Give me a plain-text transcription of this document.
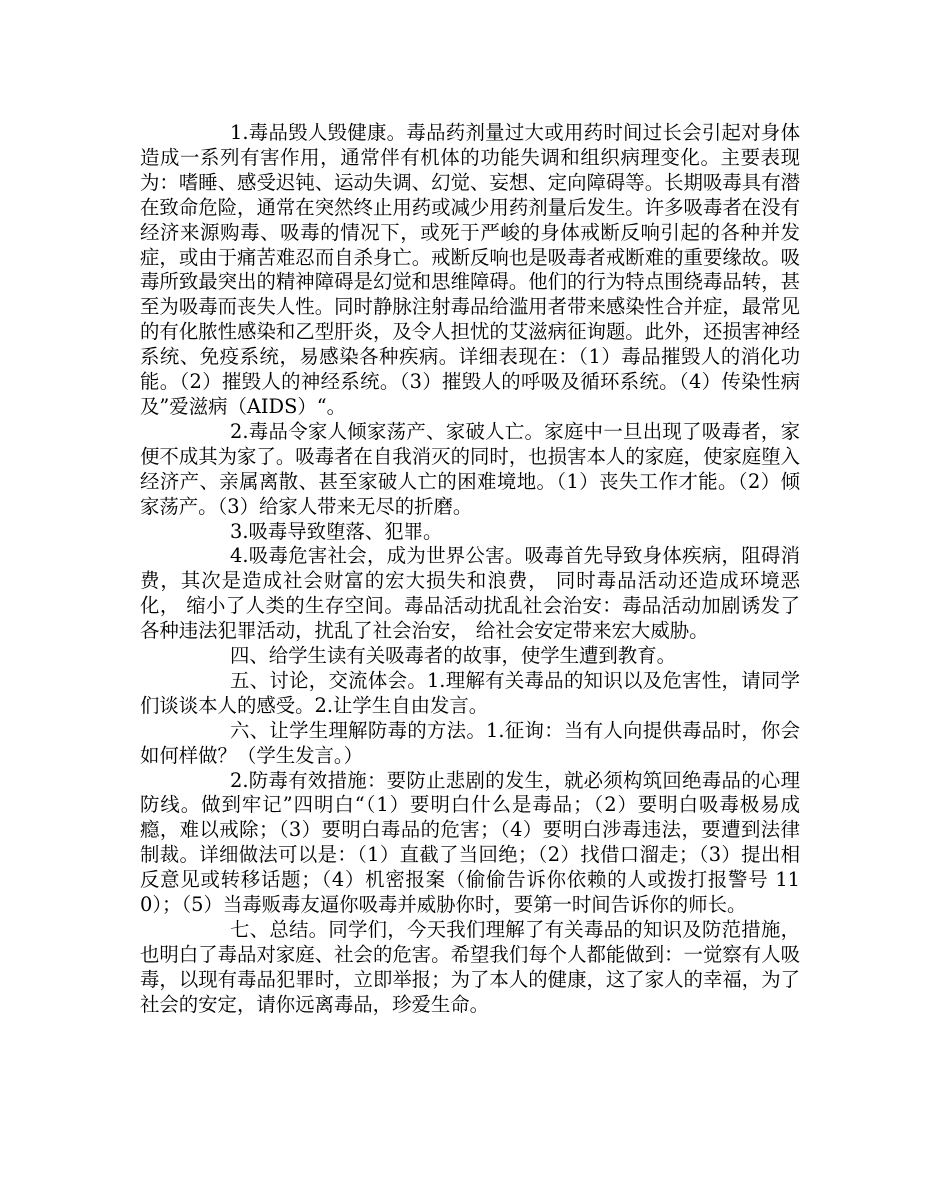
1.毒品毁人毁健康。毒品药剂量过大或用药时间过长会引起对身体造成一系列有害作用，通常伴有机体的功能失调和组织病理变化。主要表现为：嗜睡、感受迟钝、运动失调、幻觉、妄想、定向障碍等。长期吸毒具有潜在致命危险，通常在突然终止用药或减少用药剂量后发生。许多吸毒者在没有经济来源购毒、吸毒的情况下，或死于严峻的身体戒断反响引起的各种并发症，或由于痛苦难忍而自杀身亡。戒断反响也是吸毒者戒断难的重要缘故。吸毒所致最突出的精神障碍是幻觉和思维障碍。他们的行为特点围绕毒品转，甚至为吸毒而丧失人性。同时静脉注射毒品给滥用者带来感染性合并症，最常见的有化脓性感染和乙型肝炎，及令人担忧的艾滋病征询题。此外，还损害神经系统、免疫系统，易感染各种疾病。详细表现在：（1）毒品摧毁人的消化功能。（2）摧毁人的神经系统。（3）摧毁人的呼吸及循环系统。（4）传染性病及”爱滋病（AIDS）“。

2.毒品令家人倾家荡产、家破人亡。家庭中一旦出现了吸毒者，家便不成其为家了。吸毒者在自我消灭的同时，也损害本人的家庭，使家庭堕入经济产、亲属离散、甚至家破人亡的困难境地。（1）丧失工作才能。（2）倾家荡产。（3）给家人带来无尽的折磨。

3.吸毒导致堕落、犯罪。

4.吸毒危害社会，成为世界公害。吸毒首先导致身体疾病，阻碍消费，其次是造成社会财富的宏大损失和浪费， 同时毒品活动还造成环境恶化， 缩小了人类的生存空间。毒品活动扰乱社会治安：毒品活动加剧诱发了各种违法犯罪活动，扰乱了社会治安， 给社会安定带来宏大威胁。

四、给学生读有关吸毒者的故事，使学生遭到教育。

五、讨论，交流体会。1.理解有关毒品的知识以及危害性，请同学们谈谈本人的感受。2.让学生自由发言。

六、让学生理解防毒的方法。1.征询：当有人向提供毒品时，你会如何样做？（学生发言。）

2.防毒有效措施：要防止悲剧的发生，就必须构筑回绝毒品的心理防线。做到牢记”四明白“（1）要明白什么是毒品；（2）要明白吸毒极易成瘾，难以戒除；（3）要明白毒品的危害；（4）要明白涉毒违法，要遭到法律制裁。详细做法可以是：（1）直截了当回绝；（2）找借口溜走；（3）提出相反意见或转移话题；（4）机密报案（偷偷告诉你依赖的人或拨打报警号 110）；（5）当毒贩毒友逼你吸毒并威胁你时，要第一时间告诉你的师长。

七、总结。同学们，今天我们理解了有关毒品的知识及防范措施，也明白了毒品对家庭、社会的危害。希望我们每个人都能做到：一觉察有人吸毒，以现有毒品犯罪时，立即举报；为了本人的健康，这了家人的幸福，为了社会的安定，请你远离毒品，珍爱生命。
